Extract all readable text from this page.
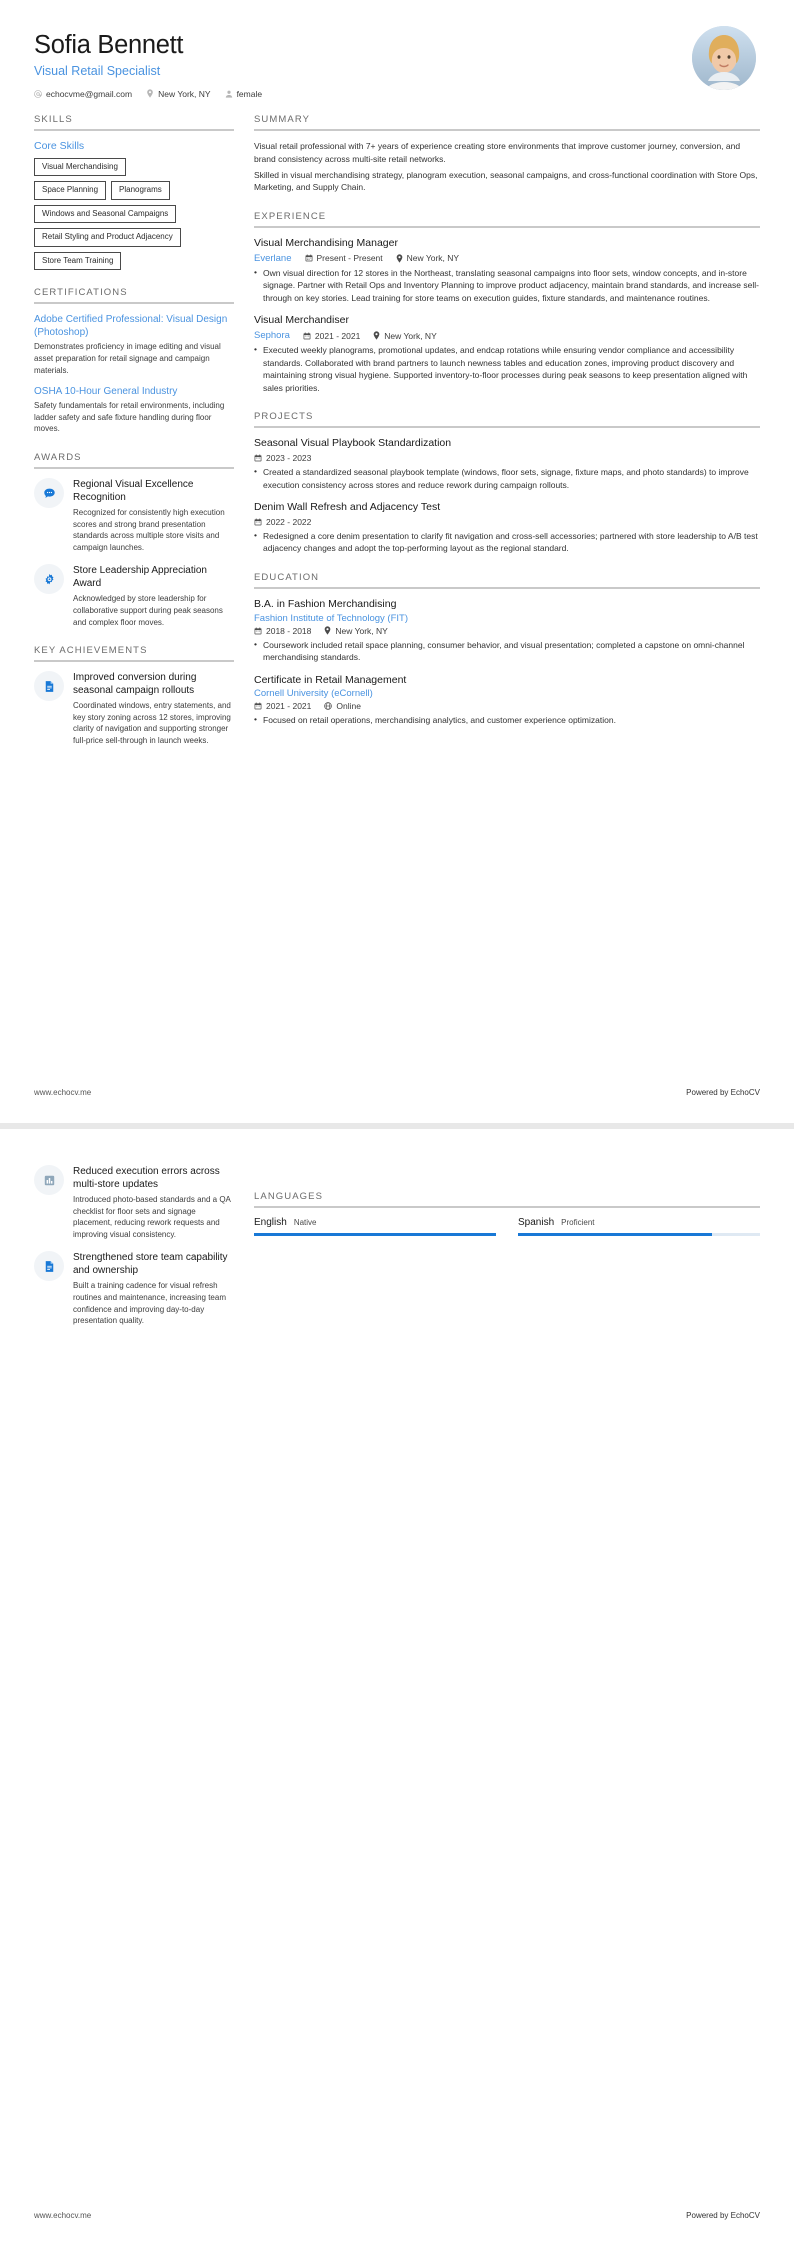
Sofia Bennett
Visual Retail Specialist
echocvme@gmail.com	New York, NY	female
SKILLS
Core Skills
Visual Merchandising
Space Planning	Planograms
Windows and Seasonal Campaigns
Retail Styling and Product Adjacency
Store Team Training
CERTIFICATIONS
Adobe Certified Professional: Visual Design (Photoshop)
Demonstrates proficiency in image editing and visual asset preparation for retail signage and campaign materials.
OSHA 10-Hour General Industry
Safety fundamentals for retail environments, including ladder safety and safe fixture handling during floor moves.
AWARDS
Regional Visual Excellence Recognition
Recognized for consistently high execution scores and strong brand presentation standards across multiple store visits and campaign launches.
Store Leadership Appreciation Award
Acknowledged by store leadership for collaborative support during peak seasons and complex floor moves.
KEY ACHIEVEMENTS
Improved conversion during seasonal campaign rollouts
Coordinated windows, entry statements, and key story zoning across 12 stores, improving clarity of navigation and supporting stronger full-price sell-through in launch weeks.
SUMMARY

Visual retail professional with 7+ years of experience creating store environments that improve customer journey, conversion, and brand consistency across multi-site retail networks.

Skilled in visual merchandising strategy, planogram execution, seasonal campaigns, and cross-functional coordination with Store Ops, Marketing, and Supply Chain.

EXPERIENCE
Visual Merchandising Manager
Everlane	Present - Present	New York, NY
• Own visual direction for 12 stores in the Northeast, translating seasonal campaigns into floor sets, window concepts, and in-store signage. Partner with Retail Ops and Inventory Planning to improve product adjacency, maintain brand standards, and increase sell-through on key stories. Lead training for store teams on execution guides, fixture standards, and maintenance routines.
Visual Merchandiser
Sephora	2021 - 2021	New York, NY
• Executed weekly planograms, promotional updates, and endcap rotations while ensuring vendor compliance and accessibility standards. Collaborated with brand partners to launch newness tables and education zones, improving product discovery and maintaining strong visual hygiene. Supported inventory-to-floor processes during peak seasons to keep presentation aligned with sales priorities.
PROJECTS
Seasonal Visual Playbook Standardization
2023 - 2023
• Created a standardized seasonal playbook template (windows, floor sets, signage, fixture maps, and photo standards) to improve execution consistency across stores and reduce rework during campaign rollouts.
Denim Wall Refresh and Adjacency Test
2022 - 2022
• Redesigned a core denim presentation to clarify fit navigation and cross-sell accessories; partnered with store leadership to A/B test adjacency changes and adopt the top-performing layout as the regional standard.
EDUCATION
B.A. in Fashion Merchandising
Fashion Institute of Technology (FIT)
2018 - 2018	New York, NY
• Coursework included retail space planning, consumer behavior, and visual presentation; completed a capstone on omni-channel merchandising standards.
Certificate in Retail Management
Cornell University (eCornell)
2021 - 2021	Online
• Focused on retail operations, merchandising analytics, and customer experience optimization.
www.echocv.me	Powered by EchoCV
Reduced execution errors across multi-store updates
Introduced photo-based standards and a QA checklist for floor sets and signage placement, reducing rework requests and improving visual consistency.
Strengthened store team capability and ownership
Built a training cadence for visual refresh routines and maintenance, increasing team confidence and improving day-to-day presentation quality.
LANGUAGES
English Native	Spanish Proficient
www.echocv.me	Powered by EchoCV
